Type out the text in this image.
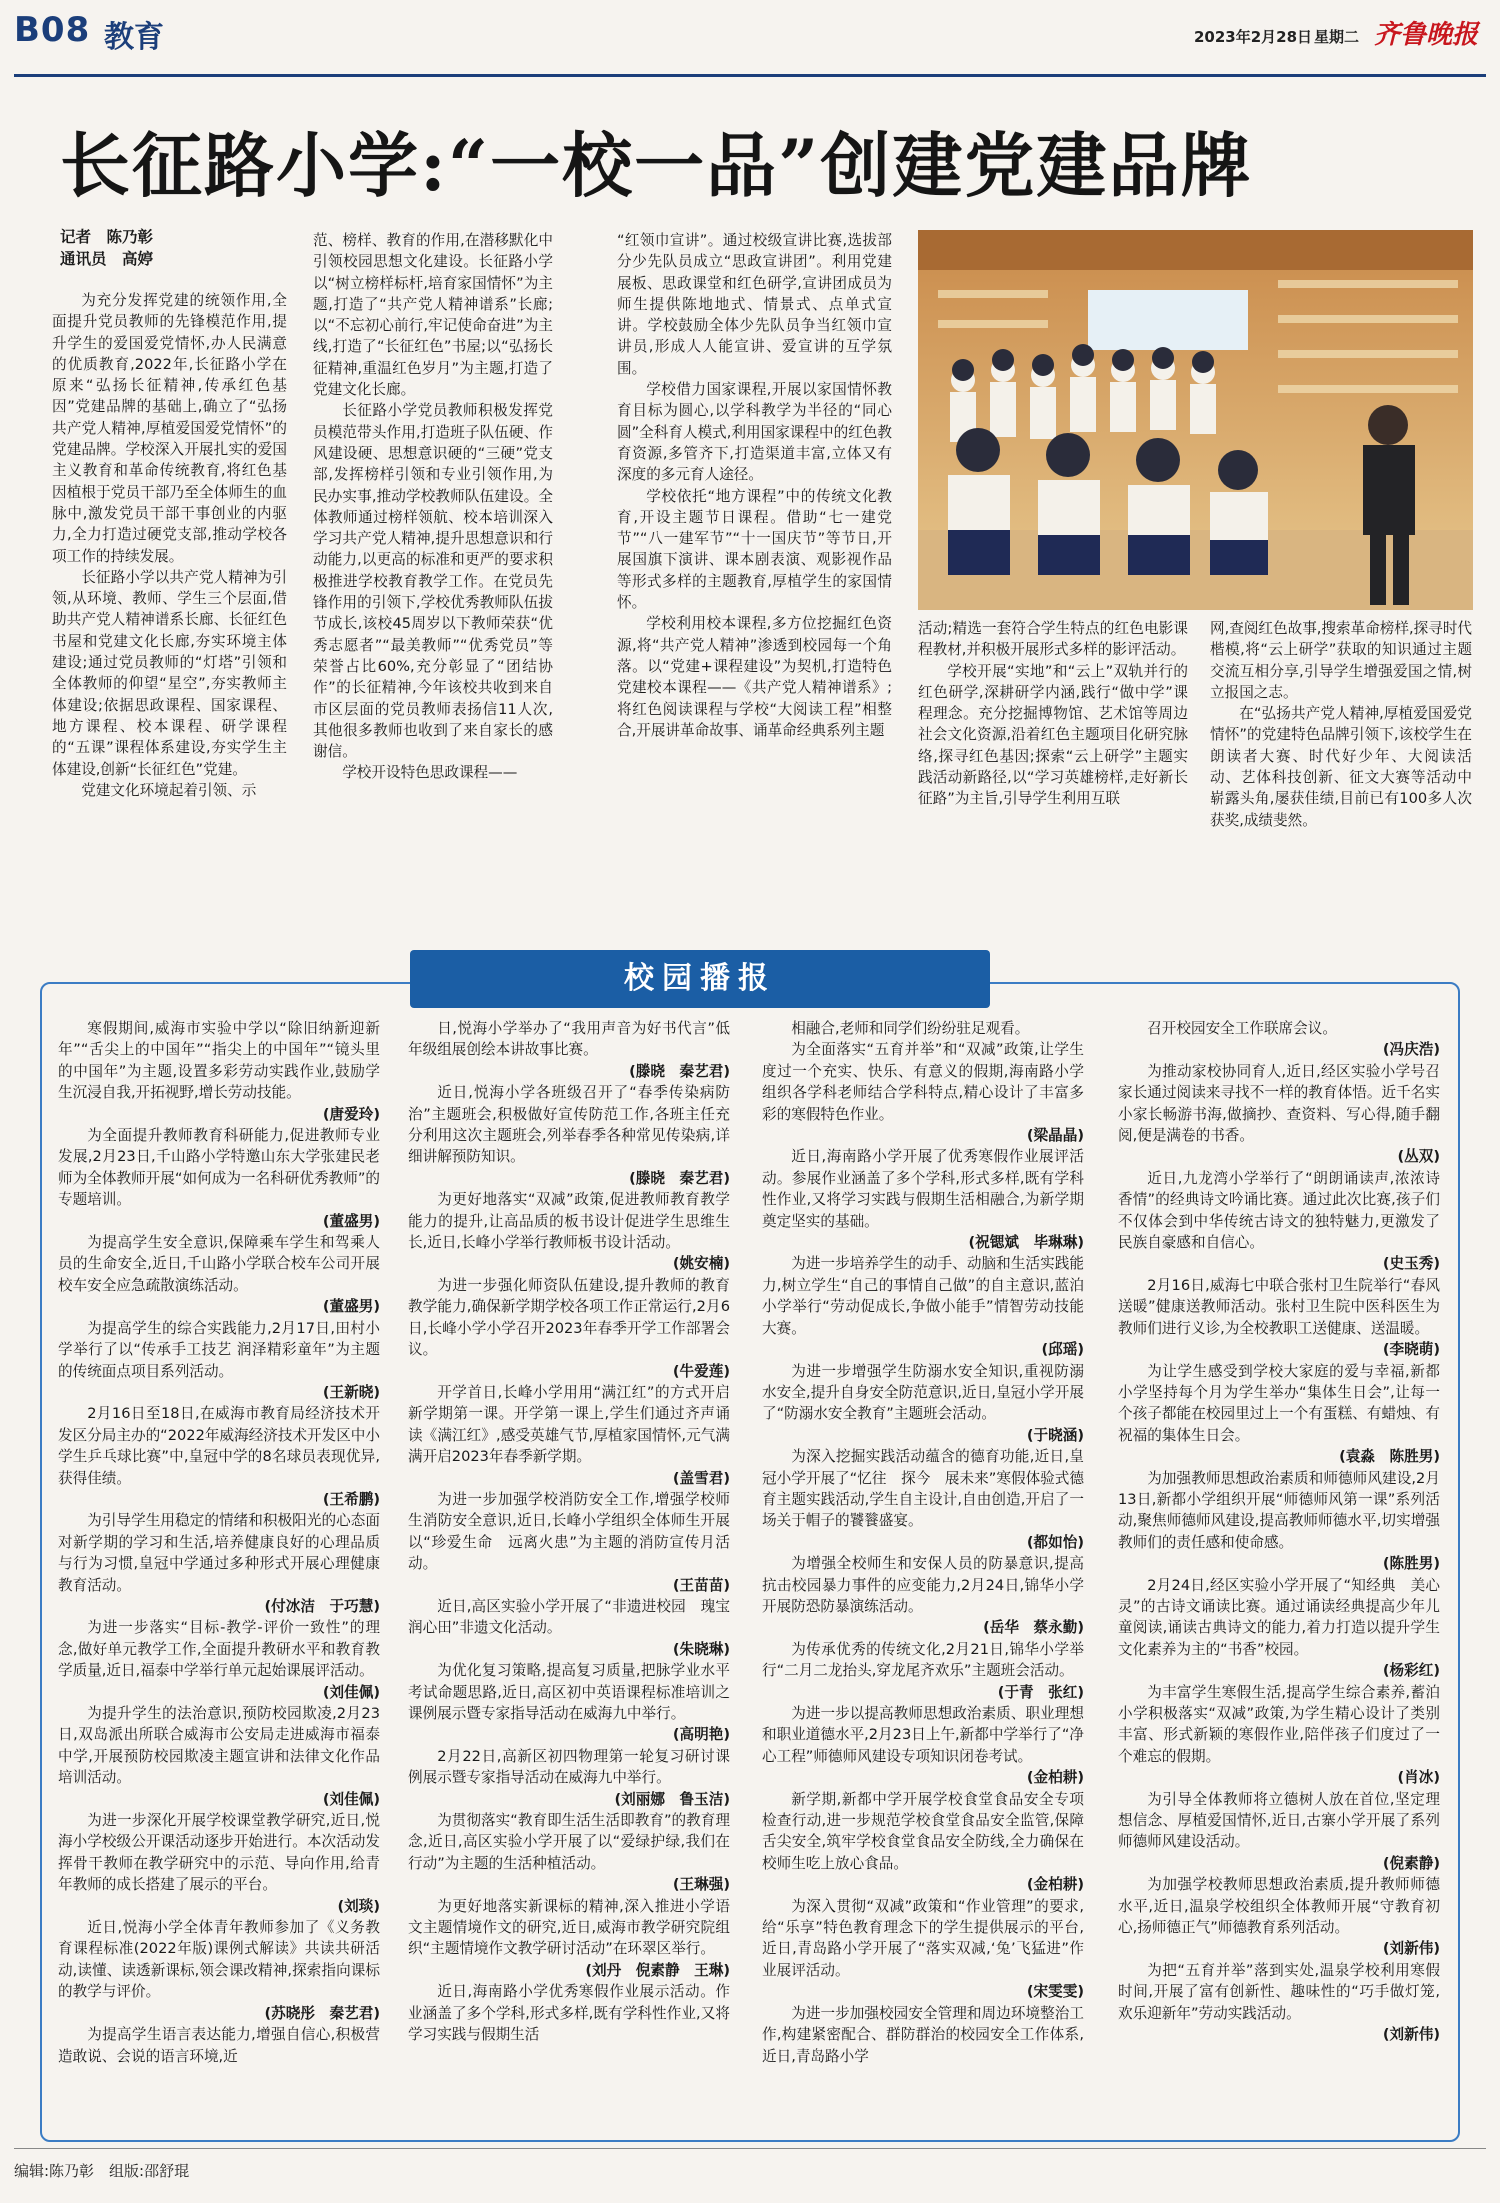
B08 教育	2023年2月28日 星期二 齐鲁晚报
长征路小学:“一校一品”创建党建品牌
记者　陈乃彰
通讯员　高婷

为充分发挥党建的统领作用,全面提升党员教师的先锋模范作用,提升学生的爱国爱党情怀,办人民满意的优质教育,2022年,长征路小学在原来“弘扬长征精神,传承红色基因”党建品牌的基础上,确立了“弘扬共产党人精神,厚植爱国爱党情怀”的党建品牌。学校深入开展扎实的爱国主义教育和革命传统教育,将红色基因植根于党员干部乃至全体师生的血脉中,激发党员干部干事创业的内驱力,全力打造过硬党支部,推动学校各项工作的持续发展。

长征路小学以共产党人精神为引领,从环境、教师、学生三个层面,借助共产党人精神谱系长廊、长征红色书屋和党建文化长廊,夯实环境主体建设;通过党员教师的“灯塔”引领和全体教师的仰望“星空”,夯实教师主体建设;依据思政课程、国家课程、地方课程、校本课程、研学课程的“五课”课程体系建设,夯实学生主体建设,创新“长征红色”党建。

党建文化环境起着引领、示

范、榜样、教育的作用,在潜移默化中引领校园思想文化建设。长征路小学以“树立榜样标杆,培育家国情怀”为主题,打造了“共产党人精神谱系”长廊;以“不忘初心前行,牢记使命奋进”为主线,打造了“长征红色”书屋;以“弘扬长征精神,重温红色岁月”为主题,打造了党建文化长廊。

长征路小学党员教师积极发挥党员模范带头作用,打造班子队伍硬、作风建设硬、思想意识硬的“三硬”党支部,发挥榜样引领和专业引领作用,为民办实事,推动学校教师队伍建设。全体教师通过榜样领航、校本培训深入学习共产党人精神,提升思想意识和行动能力,以更高的标准和更严的要求积极推进学校教育教学工作。在党员先锋作用的引领下,学校优秀教师队伍拔节成长,该校45周岁以下教师荣获“优秀志愿者”“最美教师”“优秀党员”等荣誉占比60%,充分彰显了“团结协作”的长征精神,今年该校共收到来自市区层面的党员教师表扬信11人次,其他很多教师也收到了来自家长的感谢信。

学校开设特色思政课程——

“红领巾宣讲”。通过校级宣讲比赛,选拔部分少先队员成立“思政宣讲团”。利用党建展板、思政课堂和红色研学,宣讲团成员为师生提供陈地地式、情景式、点单式宣讲。学校鼓励全体少先队员争当红领巾宣讲员,形成人人能宣讲、爱宣讲的互学氛围。

学校借力国家课程,开展以家国情怀教育目标为圆心,以学科教学为半径的“同心圆”全科育人模式,利用国家课程中的红色教育资源,多管齐下,打造渠道丰富,立体又有深度的多元育人途径。

学校依托“地方课程”中的传统文化教育,开设主题节日课程。借助“七一建党节”“八一建军节”“十一国庆节”等节日,开展国旗下演讲、课本剧表演、观影视作品等形式多样的主题教育,厚植学生的家国情怀。

学校利用校本课程,多方位挖掘红色资源,将“共产党人精神”渗透到校园每一个角落。以“党建+课程建设”为契机,打造特色党建校本课程——《共产党人精神谱系》;将红色阅读课程与学校“大阅读工程”相整合,开展讲革命故事、诵革命经典系列主题

活动;精选一套符合学生特点的红色电影课程教材,并积极开展形式多样的影评活动。

学校开展“实地”和“云上”双轨并行的红色研学,深耕研学内涵,践行“做中学”课程理念。充分挖掘博物馆、艺术馆等周边社会文化资源,沿着红色主题项目化研究脉络,探寻红色基因;探索“云上研学”主题实践活动新路径,以“学习英雄榜样,走好新长征路”为主旨,引导学生利用互联

网,查阅红色故事,搜索革命榜样,探寻时代楷模,将“云上研学”获取的知识通过主题交流互相分享,引导学生增强爱国之情,树立报国之志。

在“弘扬共产党人精神,厚植爱国爱党情怀”的党建特色品牌引领下,该校学生在朗读者大赛、时代好少年、大阅读活动、艺体科技创新、征文大赛等活动中崭露头角,屡获佳绩,目前已有100多人次获奖,成绩斐然。

校园播报

寒假期间,威海市实验中学以“除旧纳新迎新年”“舌尖上的中国年”“指尖上的中国年”“镜头里的中国年”为主题,设置多彩劳动实践作业,鼓励学生沉浸自我,开拓视野,增长劳动技能。

(唐爱玲)

为全面提升教师教育科研能力,促进教师专业发展,2月23日,千山路小学特邀山东大学张建民老师为全体教师开展“如何成为一名科研优秀教师”的专题培训。

(董盛男)

为提高学生安全意识,保障乘车学生和驾乘人员的生命安全,近日,千山路小学联合校车公司开展校车安全应急疏散演练活动。

(董盛男)

为提高学生的综合实践能力,2月17日,田村小学举行了以“传承手工技艺 润泽精彩童年”为主题的传统面点项目系列活动。

(王新晓)

2月16日至18日,在威海市教育局经济技术开发区分局主办的“2022年威海经济技术开发区中小学生乒乓球比赛”中,皇冠中学的8名球员表现优异,获得佳绩。

(王希鹏)

为引导学生用稳定的情绪和积极阳光的心态面对新学期的学习和生活,培养健康良好的心理品质与行为习惯,皇冠中学通过多种形式开展心理健康教育活动。

(付冰洁　于巧慧)

为进一步落实“目标-教学-评价一致性”的理念,做好单元教学工作,全面提升教研水平和教育教学质量,近日,福泰中学举行单元起始课展评活动。

(刘佳佩)

为提升学生的法治意识,预防校园欺凌,2月23日,双岛派出所联合威海市公安局走进威海市福泰中学,开展预防校园欺凌主题宣讲和法律文化作品培训活动。

(刘佳佩)

为进一步深化开展学校课堂教学研究,近日,悦海小学校级公开课活动逐步开始进行。本次活动发挥骨干教师在教学研究中的示范、导向作用,给青年教师的成长搭建了展示的平台。

(刘琰)

近日,悦海小学全体青年教师参加了《义务教育课程标准(2022年版)课例式解读》共读共研活动,读懂、读透新课标,领会课改精神,探索指向课标的教学与评价。

(苏晓彤　秦艺君)

为提高学生语言表达能力,增强自信心,积极营造敢说、会说的语言环境,近

日,悦海小学举办了“我用声音为好书代言”低年级组展创绘本讲故事比赛。

(滕晓　秦艺君)

近日,悦海小学各班级召开了“春季传染病防治”主题班会,积极做好宣传防范工作,各班主任充分利用这次主题班会,列举春季各种常见传染病,详细讲解预防知识。

(滕晓　秦艺君)

为更好地落实“双减”政策,促进教师教育教学能力的提升,让高品质的板书设计促进学生思维生长,近日,长峰小学举行教师板书设计活动。

(姚安楠)

为进一步强化师资队伍建设,提升教师的教育教学能力,确保新学期学校各项工作正常运行,2月6日,长峰小学小学召开2023年春季开学工作部署会议。

(牛爱莲)

开学首日,长峰小学用用“满江红”的方式开启新学期第一课。开学第一课上,学生们通过齐声诵读《满江红》,感受英雄气节,厚植家国情怀,元气满满开启2023年春季新学期。

(盖雪君)

为进一步加强学校消防安全工作,增强学校师生消防安全意识,近日,长峰小学组织全体师生开展以“珍爱生命　远离火患”为主题的消防宣传月活动。

(王苗苗)

近日,高区实验小学开展了“非遗进校园　瑰宝润心田”非遗文化活动。

(朱晓琳)

为优化复习策略,提高复习质量,把脉学业水平考试命题思路,近日,高区初中英语课程标准培训之课例展示暨专家指导活动在威海九中举行。

(高明艳)

2月22日,高新区初四物理第一轮复习研讨课例展示暨专家指导活动在威海九中举行。

(刘丽娜　鲁玉洁)

为贯彻落实“教育即生活生活即教育”的教育理念,近日,高区实验小学开展了以“爱绿护绿,我们在行动”为主题的生活种植活动。

(王琳强)

为更好地落实新课标的精神,深入推进小学语文主题情境作文的研究,近日,威海市教学研究院组织“主题情境作文教学研讨活动”在环翠区举行。

(刘丹　倪素静　王琳)

近日,海南路小学优秀寒假作业展示活动。作业涵盖了多个学科,形式多样,既有学科性作业,又将学习实践与假期生活

相融合,老师和同学们纷纷驻足观看。

为全面落实“五育并举”和“双减”政策,让学生度过一个充实、快乐、有意义的假期,海南路小学组织各学科老师结合学科特点,精心设计了丰富多彩的寒假特色作业。

(梁晶晶)

近日,海南路小学开展了优秀寒假作业展评活动。参展作业涵盖了多个学科,形式多样,既有学科性作业,又将学习实践与假期生活相融合,为新学期奠定坚实的基础。

(祝锶斌　毕琳琳)

为进一步培养学生的动手、动脑和生活实践能力,树立学生“自己的事情自己做”的自主意识,蓝泊小学举行“劳动促成长,争做小能手”情智劳动技能大赛。

(邱瑶)

为进一步增强学生防溺水安全知识,重视防溺水安全,提升自身安全防范意识,近日,皇冠小学开展了“防溺水安全教育”主题班会活动。

(于晓涵)

为深入挖掘实践活动蕴含的德育功能,近日,皇冠小学开展了“忆往　探今　展未来”寒假体验式德育主题实践活动,学生自主设计,自由创造,开启了一场关于帽子的饕餮盛宴。

(都如怡)

为增强全校师生和安保人员的防暴意识,提高抗击校园暴力事件的应变能力,2月24日,锦华小学开展防恐防暴演练活动。

(岳华　蔡永勤)

为传承优秀的传统文化,2月21日,锦华小学举行“二月二龙抬头,穿龙尾齐欢乐”主题班会活动。

(于青　张红)

为进一步以提高教师思想政治素质、职业理想和职业道德水平,2月23日上午,新都中学举行了“净心工程”师德师风建设专项知识闭卷考试。

(金柏耕)

新学期,新都中学开展学校食堂食品安全专项检查行动,进一步规范学校食堂食品安全监管,保障舌尖安全,筑牢学校食堂食品安全防线,全力确保在校师生吃上放心食品。

(金柏耕)

为深入贯彻“双减”政策和“作业管理”的要求,给“乐享”特色教育理念下的学生提供展示的平台,近日,青岛路小学开展了“落实双减,‘兔’飞猛进”作业展评活动。

(宋雯雯)

为进一步加强校园安全管理和周边环境整治工作,构建紧密配合、群防群治的校园安全工作体系,近日,青岛路小学

召开校园安全工作联席会议。

(冯庆浩)

为推动家校协同育人,近日,经区实验小学号召家长通过阅读来寻找不一样的教育体悟。近千名实小家长畅游书海,做摘抄、查资料、写心得,随手翻阅,便是满卷的书香。

(丛双)

近日,九龙湾小学举行了“朗朗诵读声,浓浓诗香情”的经典诗文吟诵比赛。通过此次比赛,孩子们不仅体会到中华传统古诗文的独特魅力,更激发了民族自豪感和自信心。

(史玉秀)

2月16日,威海七中联合张村卫生院举行“春风送暖”健康送教师活动。张村卫生院中医科医生为教师们进行义诊,为全校教职工送健康、送温暖。

(李晓萌)

为让学生感受到学校大家庭的爱与幸福,新都小学坚持每个月为学生举办“集体生日会”,让每一个孩子都能在校园里过上一个有蛋糕、有蜡烛、有祝福的集体生日会。

(袁淼　陈胜男)

为加强教师思想政治素质和师德师风建设,2月13日,新都小学组织开展“师德师风第一课”系列活动,聚焦师德师风建设,提高教师师德水平,切实增强教师们的责任感和使命感。

(陈胜男)

2月24日,经区实验小学开展了“知经典　美心灵”的古诗文诵读比赛。通过诵读经典提高少年儿童阅读,诵读古典诗文的能力,着力打造以提升学生文化素养为主的“书香”校园。

(杨彩红)

为丰富学生寒假生活,提高学生综合素养,蓄泊小学积极落实“双减”政策,为学生精心设计了类别丰富、形式新颖的寒假作业,陪伴孩子们度过了一个难忘的假期。

(肖冰)

为引导全体教师将立德树人放在首位,坚定理想信念、厚植爱国情怀,近日,古寨小学开展了系列师德师风建设活动。

(倪素静)

为加强学校教师思想政治素质,提升教师师德水平,近日,温泉学校组织全体教师开展“守教育初心,扬师德正气”师德教育系列活动。

(刘新伟)

为把“五育并举”落到实处,温泉学校利用寒假时间,开展了富有创新性、趣味性的“巧手做灯笼,欢乐迎新年”劳动实践活动。

(刘新伟)
编辑:陈乃彰　组版:邵舒琨
